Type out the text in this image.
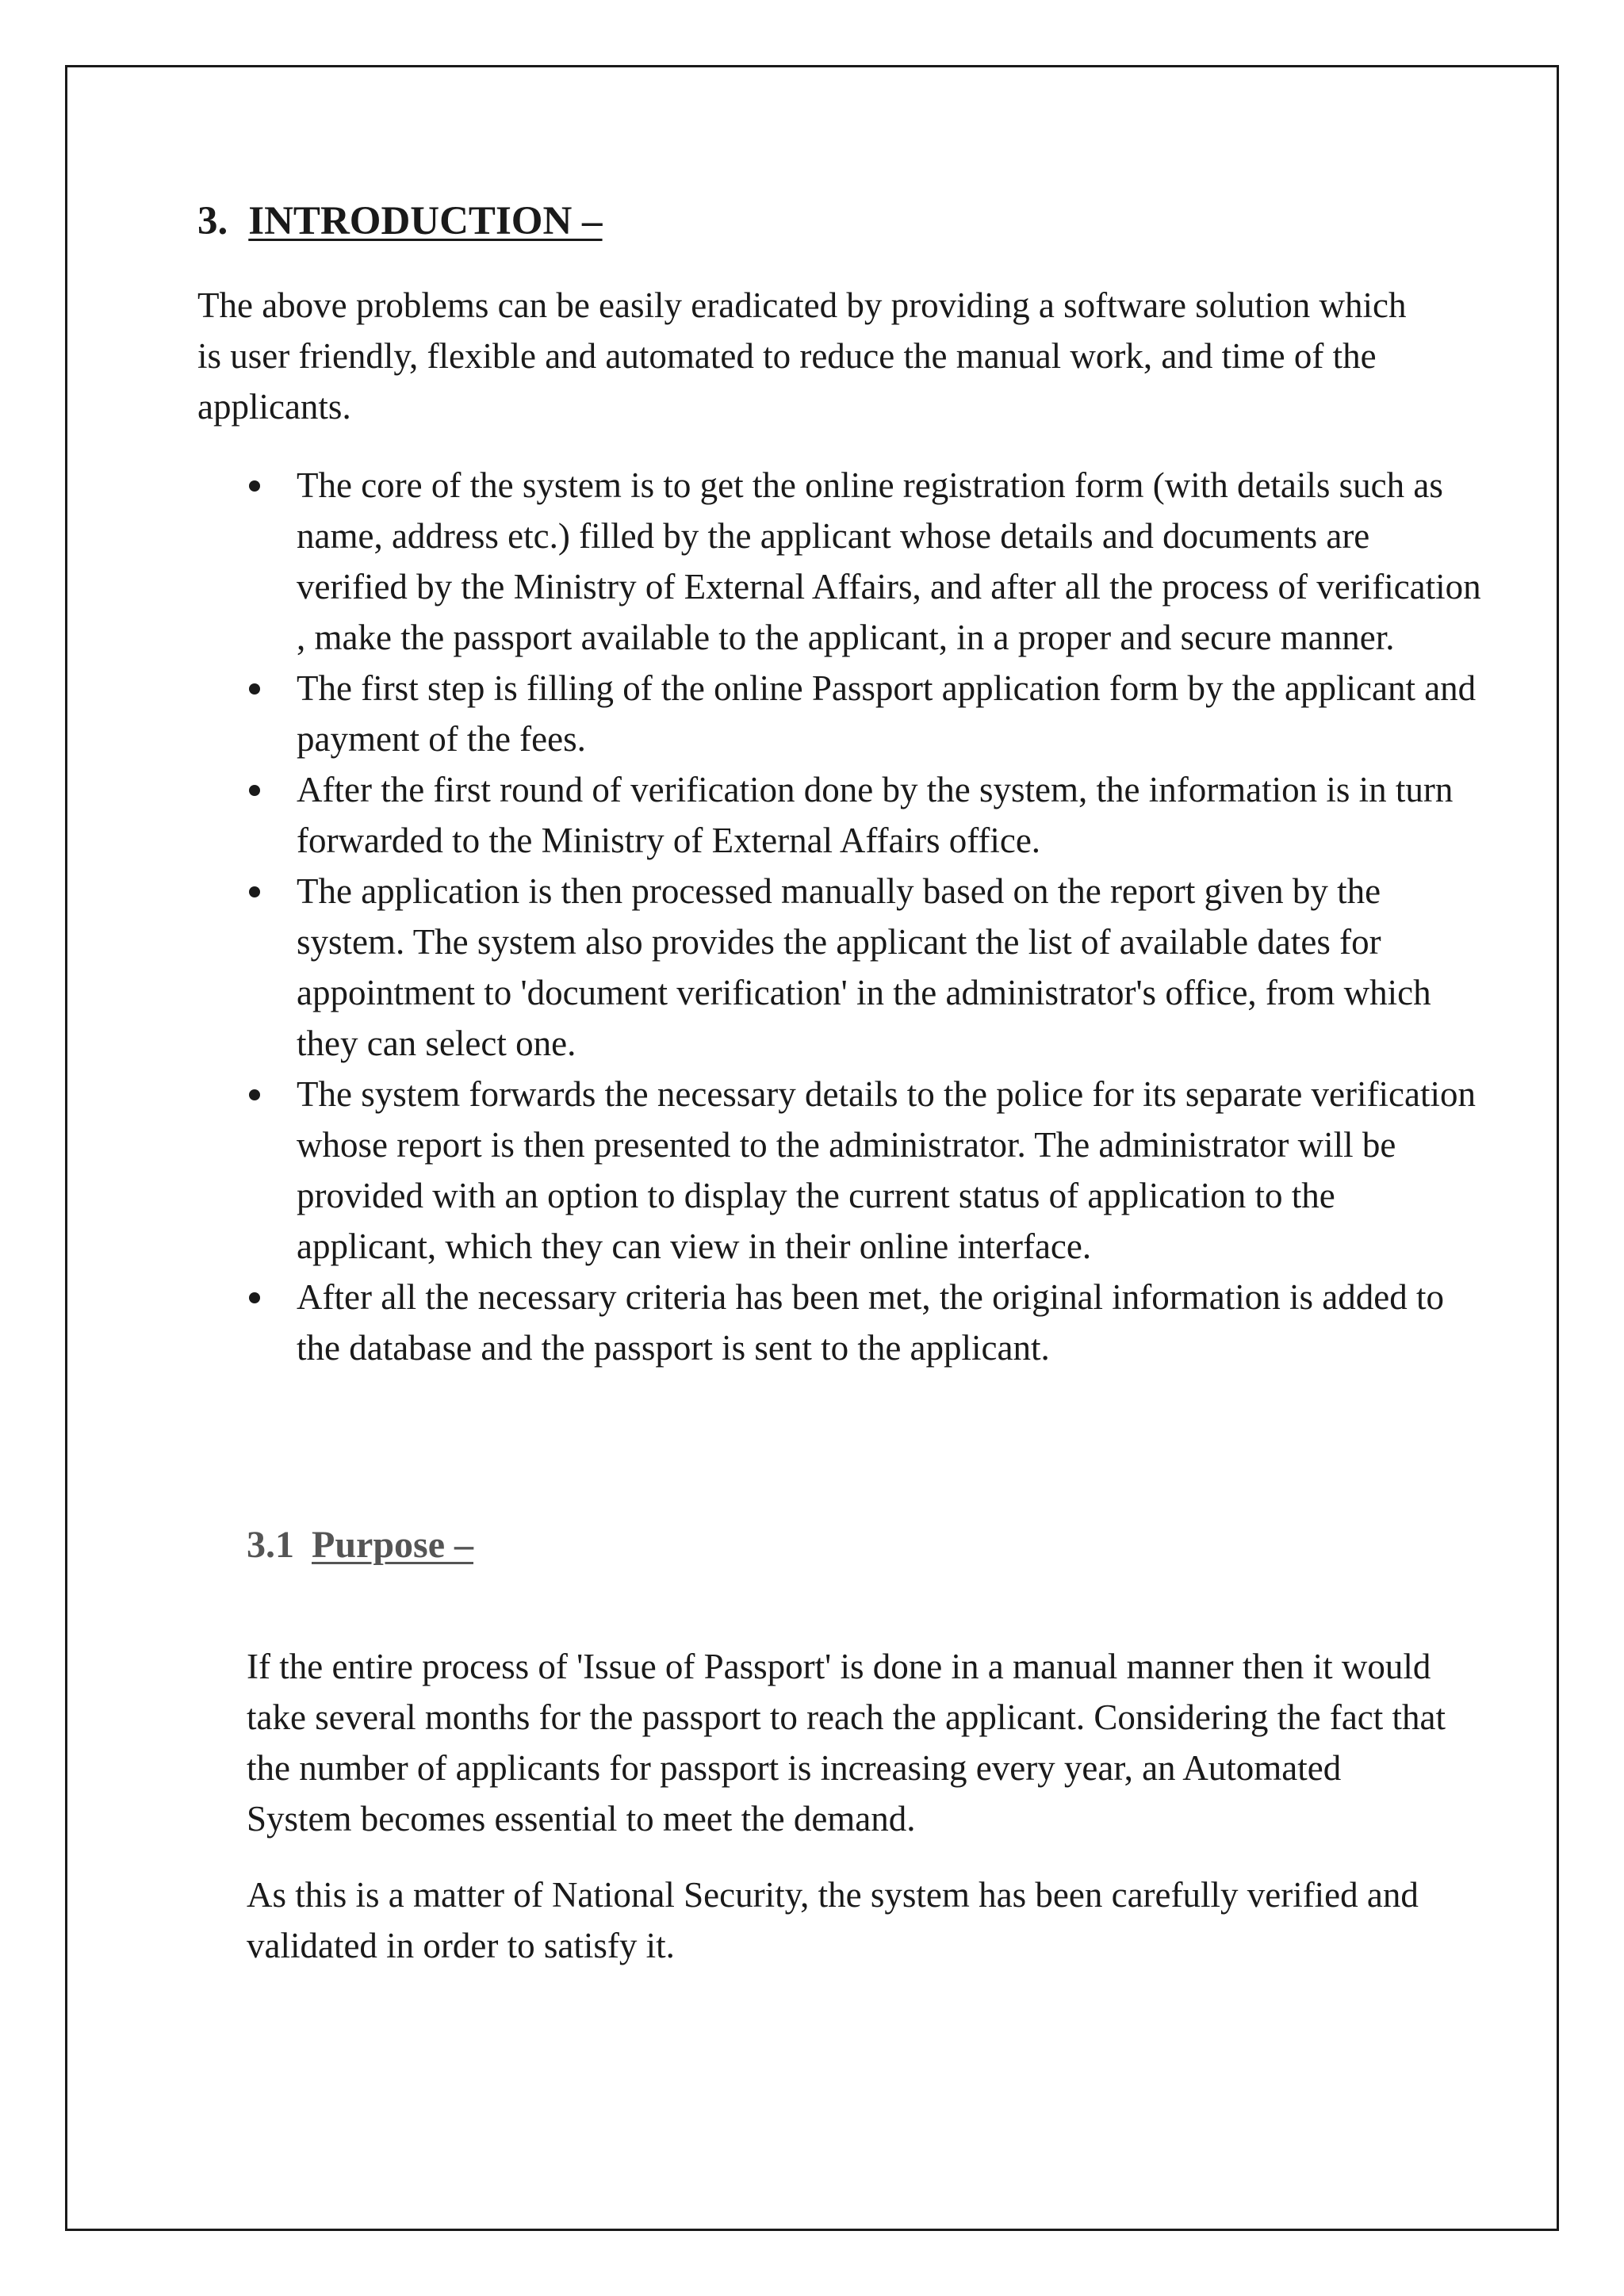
3. INTRODUCTION –

The above problems can be easily eradicated by providing a software solution which is user friendly, flexible and automated to reduce the manual work, and time of the applicants.

The core of the system is to get the online registration form (with details such as name, address etc.) filled by the applicant whose details and documents are verified by the Ministry of External Affairs, and after all the process of verification , make the passport available to the applicant, in a proper and secure manner.
The first step is filling of the online Passport application form by the applicant and payment of the fees.
After the first round of verification done by the system, the information is in turn forwarded to the Ministry of External Affairs office.
The application is then processed manually based on the report given by the system. The system also provides the applicant the list of available dates for appointment to 'document verification' in the administrator's office, from which they can select one.
The system forwards the necessary details to the police for its separate verification whose report is then presented to the administrator. The administrator will be provided with an option to display the current status of application to the applicant, which they can view in their online interface.
After all the necessary criteria has been met, the original information is added to the database and the passport is sent to the applicant.
3.1 Purpose –

If the entire process of 'Issue of Passport' is done in a manual manner then it would take several months for the passport to reach the applicant. Considering the fact that the number of applicants for passport is increasing every year, an Automated System becomes essential to meet the demand.

As this is a matter of National Security, the system has been carefully verified and validated in order to satisfy it.
